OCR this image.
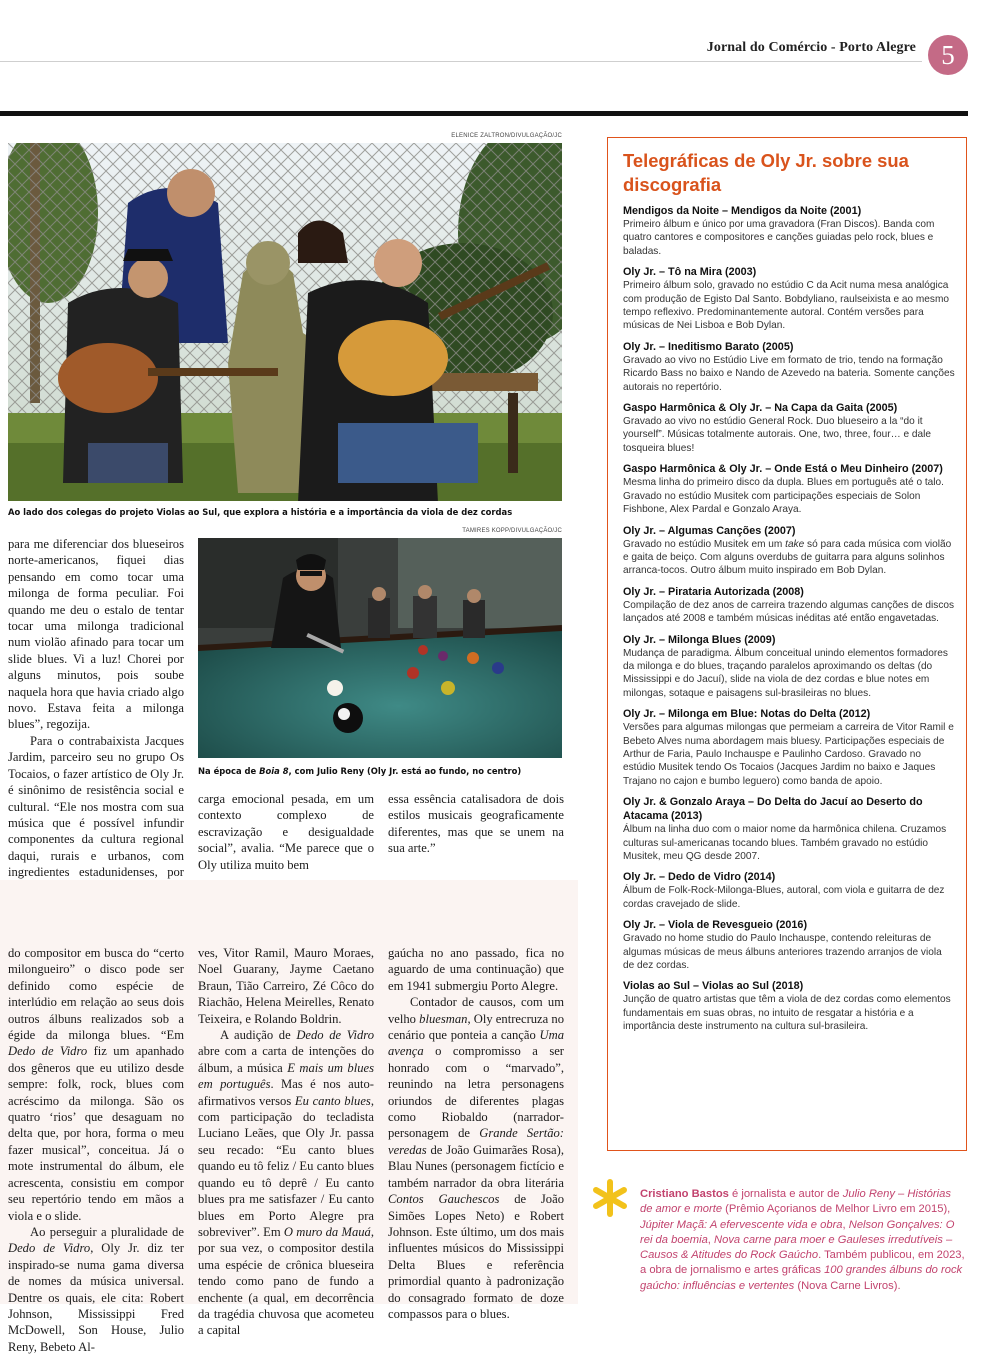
Jornal do Comércio - Porto Alegre 5
ELENICE ZALTRON/DIVULGAÇÃO/JC
Ao lado dos colegas do projeto Violas ao Sul, que explora a história e a importância da viola de dez cordas
TAMIRES KOPP/DIVULGAÇÃO/JC
Na época de Boia 8, com Julio Reny (Oly Jr. está ao fundo, no centro)

para me diferenciar dos blueseiros norte-americanos, fiquei dias pensando em como tocar uma milonga de forma peculiar. Foi quando me deu o estalo de tentar tocar uma milonga tradicional num violão afinado para tocar um slide blues. Vi a luz! Chorei por alguns minutos, pois soube naquela hora que havia criado algo novo. Estava feita a milonga blues”, regozija.

Para o contrabaixista Jacques Jardim, parceiro seu no grupo Os Tocaios, o fazer artístico de Oly Jr. é sinônimo de resistência social e cultural. “Ele nos mostra com sua música que é possível infundir componentes da cultura regional daqui, rurais e urbanos, com ingredientes estadunidenses, por

carga emocional pesada, em um contexto complexo de escravização e desigualdade social”, avalia. “Me parece que o Oly utiliza muito bem

essa essência catalisadora de dois estilos musicais geograficamente diferentes, mas que se unem na sua arte.”

do compositor em busca do “certo milongueiro” o disco pode ser definido como espécie de interlúdio em relação ao seus dois outros álbuns realizados sob a égide da milonga blues. “Em Dedo de Vidro fiz um apanhado dos gêneros que eu utilizo desde sempre: folk, rock, blues com acréscimo da milonga. São os quatro ‘rios’ que desaguam no delta que, por hora, forma o meu fazer musical”, conceitua. Já o mote instrumental do álbum, ele acrescenta, consistiu em compor seu repertório tendo em mãos a viola e o slide.

Ao perseguir a pluralidade de Dedo de Vidro, Oly Jr. diz ter inspirado-se numa gama diversa de nomes da música universal. Dentre os quais, ele cita: Robert Johnson, Mississippi Fred McDowell, Son House, Julio Reny, Bebeto Al-

ves, Vitor Ramil, Mauro Moraes, Noel Guarany, Jayme Caetano Braun, Tião Carreiro, Zé Côco do Riachão, Helena Meirelles, Renato Teixeira, e Rolando Boldrin.

A audição de Dedo de Vidro abre com a carta de intenções do álbum, a música E mais um blues em português. Mas é nos auto-afirmativos versos Eu canto blues, com participação do tecladista Luciano Leães, que Oly Jr. passa seu recado: “Eu canto blues quando eu tô feliz / Eu canto blues quando eu tô deprê / Eu canto blues pra me satisfazer / Eu canto blues em Porto Alegre pra sobreviver”. Em O muro da Mauá, por sua vez, o compositor destila uma espécie de crônica blueseira tendo como pano de fundo a enchente (a qual, em decorrência da tragédia chuvosa que acometeu a capital

gaúcha no ano passado, fica no aguardo de uma continuação) que em 1941 submergiu Porto Alegre.

Contador de causos, com um velho bluesman, Oly entrecruza no cenário que ponteia a canção Uma avença o compromisso a ser honrado com o “marvado”, reunindo na letra personagens oriundos de diferentes plagas como Riobaldo (narrador-personagem de Grande Sertão: veredas de João Guimarães Rosa), Blau Nunes (personagem fictício e também narrador da obra literária Contos Gauchescos de João Simões Lopes Neto) e Robert Johnson. Este último, um dos mais influentes músicos do Mississippi Delta Blues e referência primordial quanto à padronização do consagrado formato de doze compassos para o blues.

Telegráficas de Oly Jr. sobre sua discografia
Mendigos da Noite – Mendigos da Noite (2001)
Primeiro álbum e único por uma gravadora (Fran Discos). Banda com quatro cantores e compositores e canções guiadas pelo rock, blues e baladas.
Oly Jr. – Tô na Mira (2003)
Primeiro álbum solo, gravado no estúdio C da Acit numa mesa analógica com produção de Egisto Dal Santo. Bobdyliano, raulseixista e ao mesmo tempo reflexivo. Predominantemente autoral. Contém versões para músicas de Nei Lisboa e Bob Dylan.
Oly Jr. – Ineditismo Barato (2005)
Gravado ao vivo no Estúdio Live em formato de trio, tendo na formação Ricardo Bass no baixo e Nando de Azevedo na bateria. Somente canções autorais no repertório.
Gaspo Harmônica & Oly Jr. – Na Capa da Gaita (2005)
Gravado ao vivo no estúdio General Rock. Duo blueseiro a la “do it yourself”. Músicas totalmente autorais. One, two, three, four… e dale tosqueira blues!
Gaspo Harmônica & Oly Jr. – Onde Está o Meu Dinheiro (2007)
Mesma linha do primeiro disco da dupla. Blues em português até o talo. Gravado no estúdio Musitek com participações especiais de Solon Fishbone, Alex Pardal e Gonzalo Araya.
Oly Jr. – Algumas Canções (2007)
Gravado no estúdio Musitek em um take só para cada música com violão e gaita de beiço. Com alguns overdubs de guitarra para alguns solinhos arranca-tocos. Outro álbum muito inspirado em Bob Dylan.
Oly Jr. – Pirataria Autorizada (2008)
Compilação de dez anos de carreira trazendo algumas canções de discos lançados até 2008 e também músicas inéditas até então engavetadas.
Oly Jr. – Milonga Blues (2009)
Mudança de paradigma. Álbum conceitual unindo elementos formadores da milonga e do blues, traçando paralelos aproximando os deltas (do Mississippi e do Jacuí), slide na viola de dez cordas e blue notes em milongas, sotaque e paisagens sul-brasileiras no blues.
Oly Jr. – Milonga em Blue: Notas do Delta (2012)
Versões para algumas milongas que permeiam a carreira de Vitor Ramil e Bebeto Alves numa abordagem mais bluesy. Participações especiais de Arthur de Faria, Paulo Inchauspe e Paulinho Cardoso. Gravado no estúdio Musitek tendo Os Tocaios (Jacques Jardim no baixo e Jaques Trajano no cajon e bumbo leguero) como banda de apoio.
Oly Jr. & Gonzalo Araya – Do Delta do Jacuí ao Deserto do Atacama (2013)
Álbum na linha duo com o maior nome da harmônica chilena. Cruzamos culturas sul-americanas tocando blues. Também gravado no estúdio Musitek, meu QG desde 2007.
Oly Jr. – Dedo de Vidro (2014)
Álbum de Folk-Rock-Milonga-Blues, autoral, com viola e guitarra de dez cordas cravejado de slide.
Oly Jr. – Viola de Revesgueio (2016)
Gravado no home studio do Paulo Inchauspe, contendo releituras de algumas músicas de meus álbuns anteriores trazendo arranjos de viola de dez cordas.
Violas ao Sul – Violas ao Sul (2018)
Junção de quatro artistas que têm a viola de dez cordas como elementos fundamentais em suas obras, no intuito de resgatar a história e a importância deste instrumento na cultura sul-brasileira.
Cristiano Bastos é jornalista e autor de Julio Reny – Histórias de amor e morte (Prêmio Açorianos de Melhor Livro em 2015), Júpiter Maçã: A efervescente vida e obra, Nelson Gonçalves: O rei da boemia, Nova carne para moer e Gauleses irredutíveis – Causos & Atitudes do Rock Gaúcho. Também publicou, em 2023, a obra de jornalismo e artes gráficas 100 grandes álbuns do rock gaúcho: influências e vertentes (Nova Carne Livros).
